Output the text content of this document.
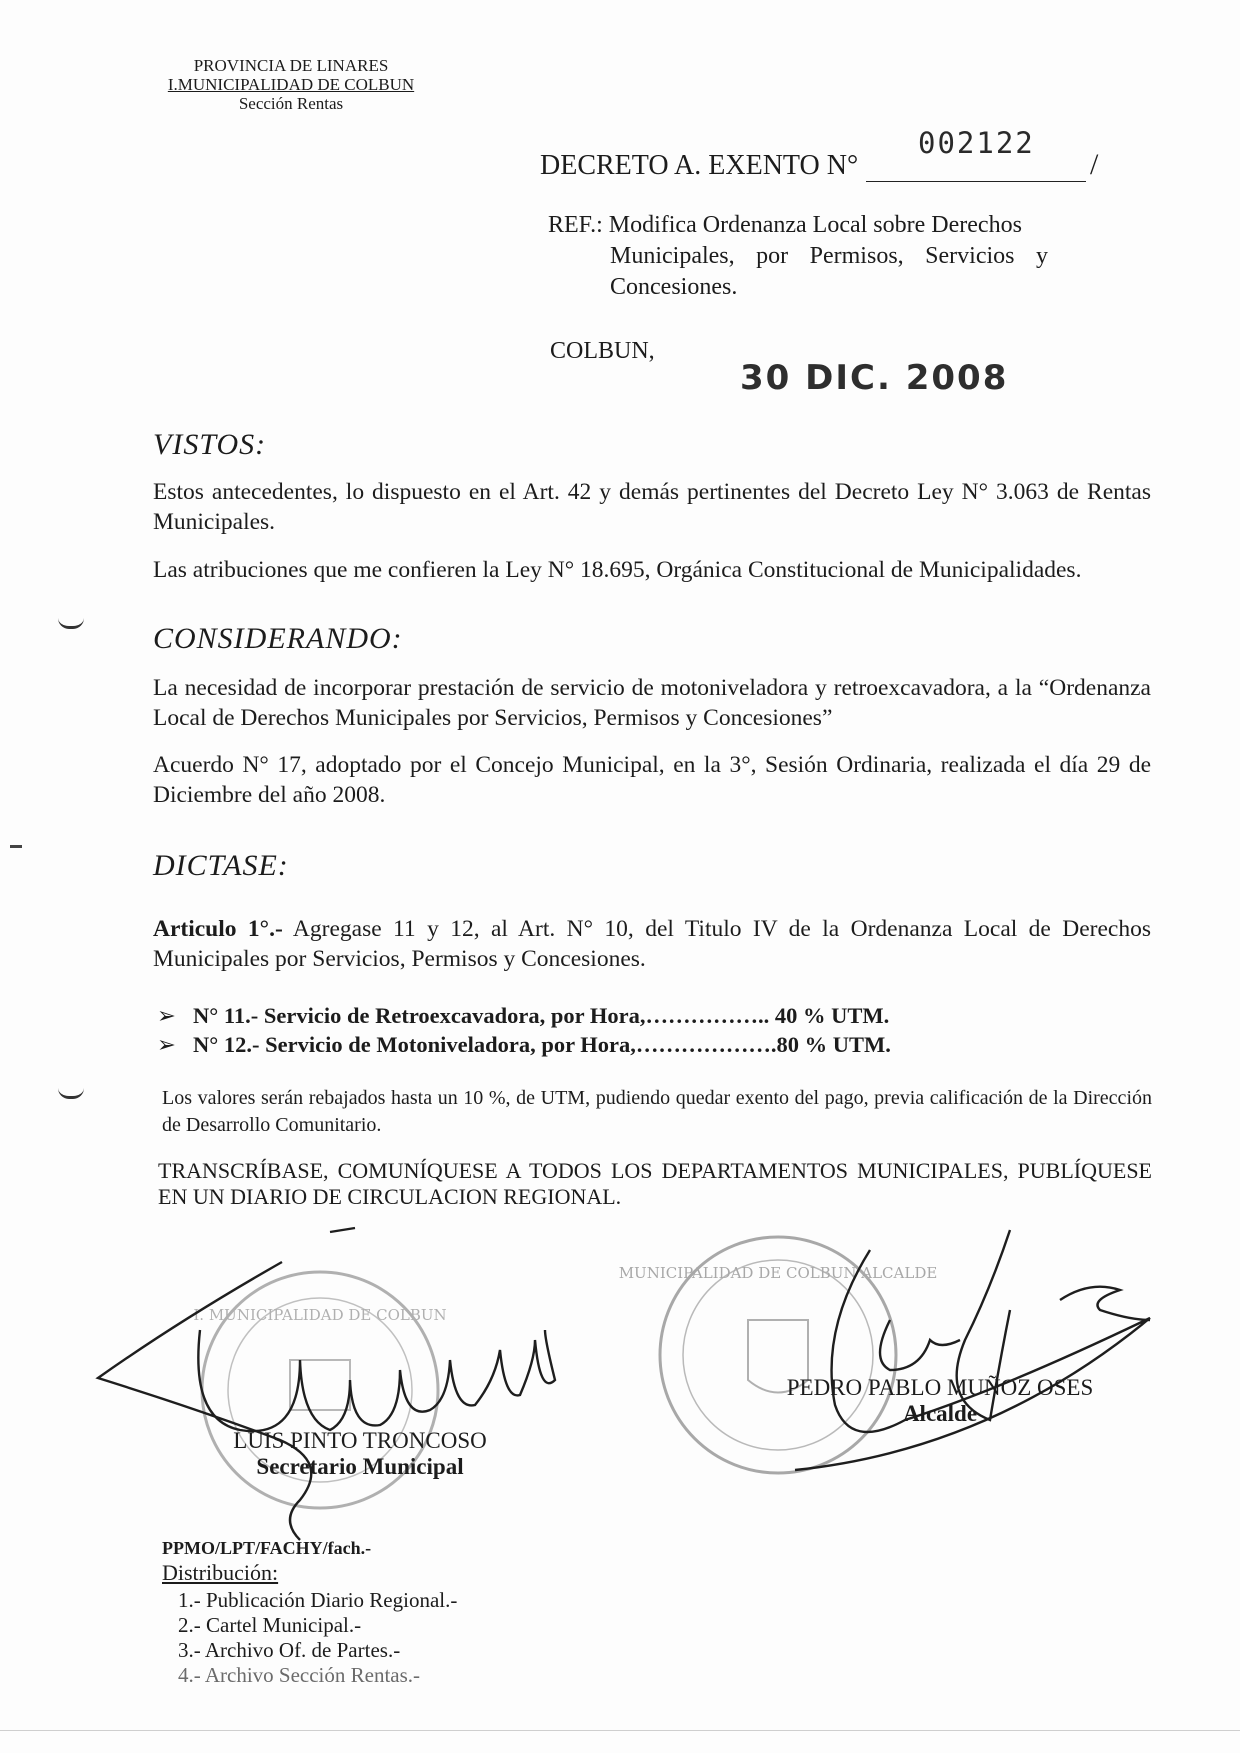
PROVINCIA DE LINARES
I.MUNICIPALIDAD DE COLBUN
Sección Rentas
DECRETO A. EXENTO N°
002122
/
REF.: Modifica Ordenanza Local sobre Derechos
Municipales, por Permisos, Servicios y Concesiones.
COLBUN,
30 DIC. 2008
VISTOS:
Estos antecedentes, lo dispuesto en el Art. 42 y demás pertinentes del Decreto Ley N° 3.063 de Rentas Municipales.
Las atribuciones que me confieren la Ley N° 18.695, Orgánica Constitucional de Municipalidades.
CONSIDERANDO:
La necesidad de incorporar prestación de servicio de motoniveladora y retroexcavadora, a la “Ordenanza Local de Derechos Municipales por Servicios, Permisos y Concesiones”
Acuerdo N° 17, adoptado por el Concejo Municipal, en la 3°, Sesión Ordinaria, realizada el día 29 de Diciembre del año 2008.
DICTASE:
Articulo 1°.- Agregase 11 y 12, al Art. N° 10, del Titulo IV de la Ordenanza Local de Derechos Municipales por Servicios, Permisos y Concesiones.
➢ N° 11.- Servicio de Retroexcavadora, por Hora,…………….. 40 % UTM.
➢ N° 12.- Servicio de Motoniveladora, por Hora,……………….80 % UTM.
Los valores serán rebajados hasta un 10 %, de UTM, pudiendo quedar exento del pago, previa calificación de la Dirección de Desarrollo Comunitario.
TRANSCRÍBASE, COMUNÍQUESE A TODOS LOS DEPARTAMENTOS MUNICIPALES, PUBLÍQUESE EN UN DIARIO DE CIRCULACION REGIONAL.
I. MUNICIPALIDAD DE COLBUN
MUNICIPALIDAD DE COLBUN ALCALDE
LUIS PINTO TRONCOSO
Secretario Municipal
PEDRO PABLO MUÑOZ OSES
Alcalde
PPMO/LPT/FACHY/fach.-
Distribución:
1.- Publicación Diario Regional.-
2.- Cartel Municipal.-
3.- Archivo Of. de Partes.-
4.- Archivo Sección Rentas.-
